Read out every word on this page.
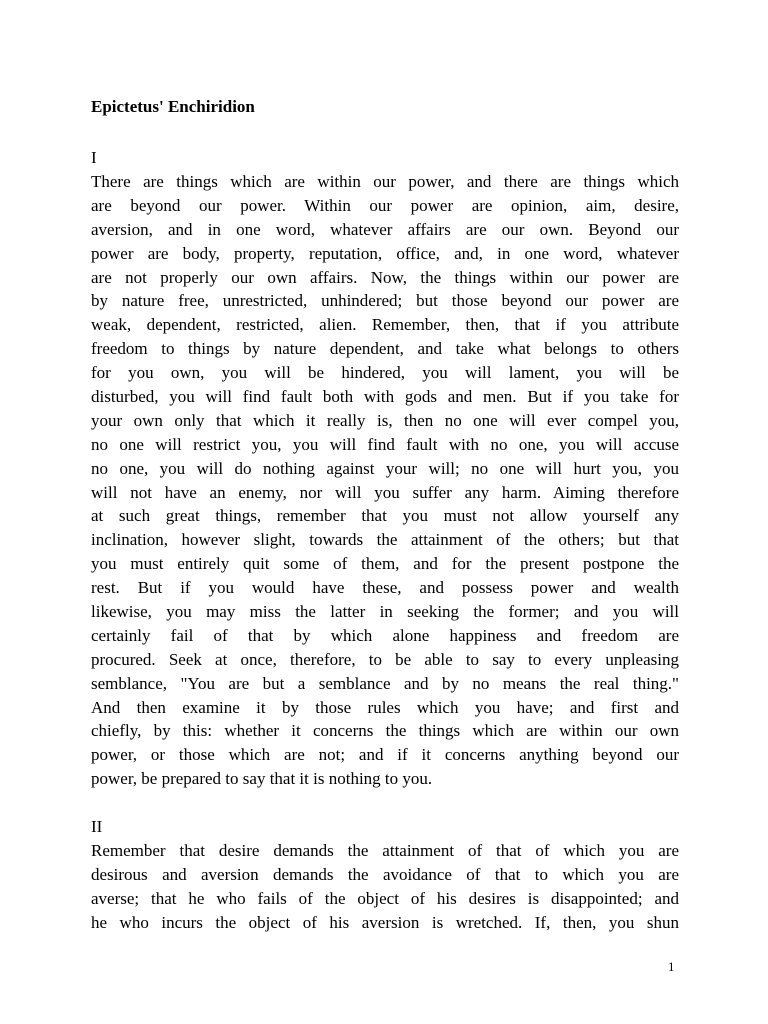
Epictetus' Enchiridion
I
There are things which are within our power, and there are things which
are beyond our power. Within our power are opinion, aim, desire,
aversion, and in one word, whatever affairs are our own. Beyond our
power are body, property, reputation, office, and, in one word, whatever
are not properly our own affairs. Now, the things within our power are
by nature free, unrestricted, unhindered; but those beyond our power are
weak, dependent, restricted, alien. Remember, then, that if you attribute
freedom to things by nature dependent, and take what belongs to others
for you own, you will be hindered, you will lament, you will be
disturbed, you will find fault both with gods and men. But if you take for
your own only that which it really is, then no one will ever compel you,
no one will restrict you, you will find fault with no one, you will accuse
no one, you will do nothing against your will; no one will hurt you, you
will not have an enemy, nor will you suffer any harm. Aiming therefore
at such great things, remember that you must not allow yourself any
inclination, however slight, towards the attainment of the others; but that
you must entirely quit some of them, and for the present postpone the
rest. But if you would have these, and possess power and wealth
likewise, you may miss the latter in seeking the former; and you will
certainly fail of that by which alone happiness and freedom are
procured. Seek at once, therefore, to be able to say to every unpleasing
semblance, "You are but a semblance and by no means the real thing."
And then examine it by those rules which you have; and first and
chiefly, by this: whether it concerns the things which are within our own
power, or those which are not; and if it concerns anything beyond our
power, be prepared to say that it is nothing to you.
II
Remember that desire demands the attainment of that of which you are
desirous and aversion demands the avoidance of that to which you are
averse; that he who fails of the object of his desires is disappointed; and
he who incurs the object of his aversion is wretched. If, then, you shun
1
